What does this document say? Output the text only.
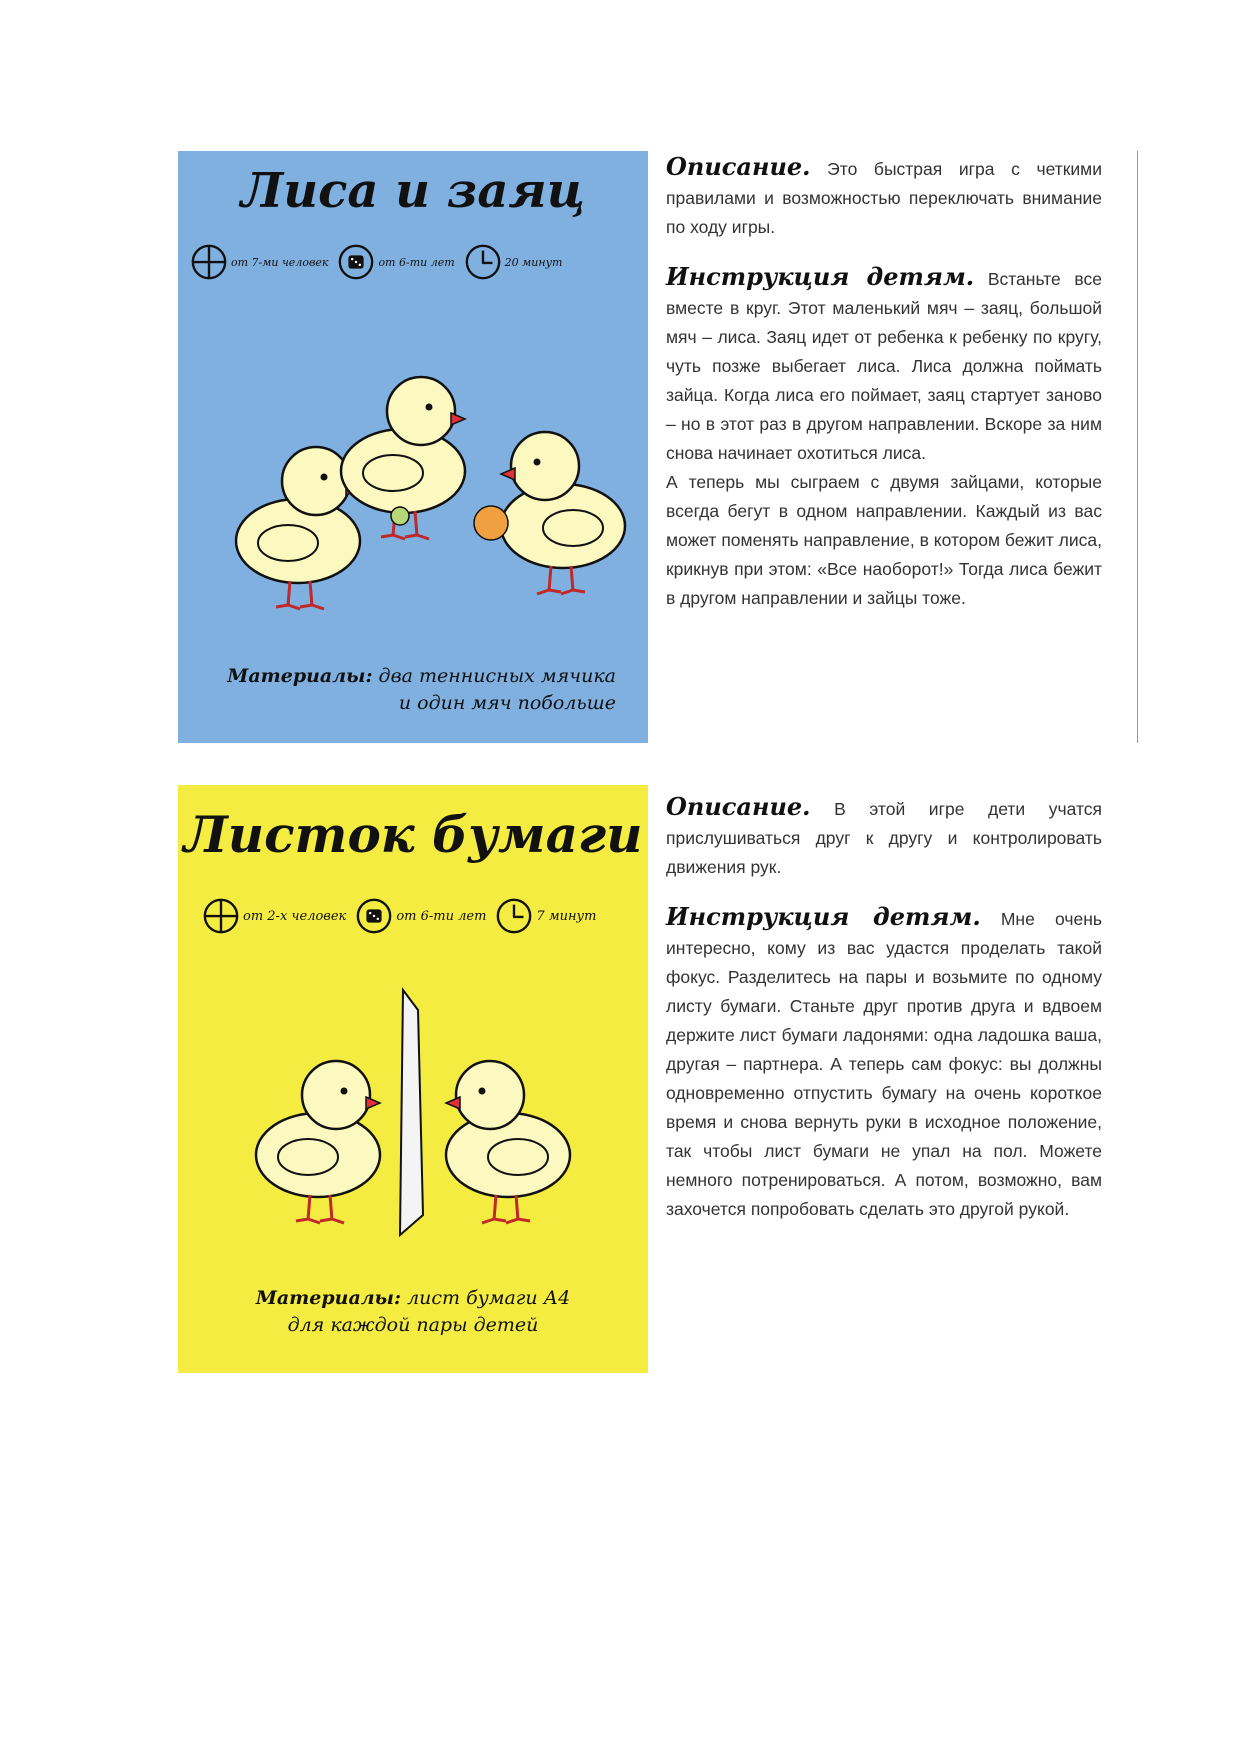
Лиса и заяц
от 7-ми человек	от 6-ти лет	20 минут
Материалы: два теннисных мячика
и один мяч побольше

Описание. Это быстрая игра с четкими правилами и возможностью переключать внимание по ходу игры.

Инструкция детям. Встаньте все вместе в круг. Этот маленький мяч – заяц, большой мяч – лиса. Заяц идет от ребенка к ребенку по кругу, чуть позже выбегает лиса. Лиса должна поймать зайца. Когда лиса его поймает, заяц стартует заново – но в этот раз в другом направлении. Вскоре за ним снова начинает охотиться лиса.

А теперь мы сыграем с двумя зайцами, которые всегда бегут в одном направлении. Каждый из вас может поменять направление, в котором бежит лиса, крикнув при этом: «Все наоборот!» Тогда лиса бежит в другом направлении и зайцы тоже.

Листок бумаги
от 2-х человек	от 6-ти лет	7 минут
Материалы: лист бумаги А4
для каждой пары детей

Описание. В этой игре дети учатся прислушиваться друг к другу и контролировать движения рук.

Инструкция детям. Мне очень интересно, кому из вас удастся проделать такой фокус. Разделитесь на пары и возьмите по одному листу бумаги. Станьте друг против друга и вдвоем держите лист бумаги ладонями: одна ладошка ваша, другая – партнера. А теперь сам фокус: вы должны одновременно отпустить бумагу на очень короткое время и снова вернуть руки в исходное положение, так чтобы лист бумаги не упал на пол. Можете немного потренироваться. А потом, возможно, вам захочется попробовать сделать это другой рукой.
